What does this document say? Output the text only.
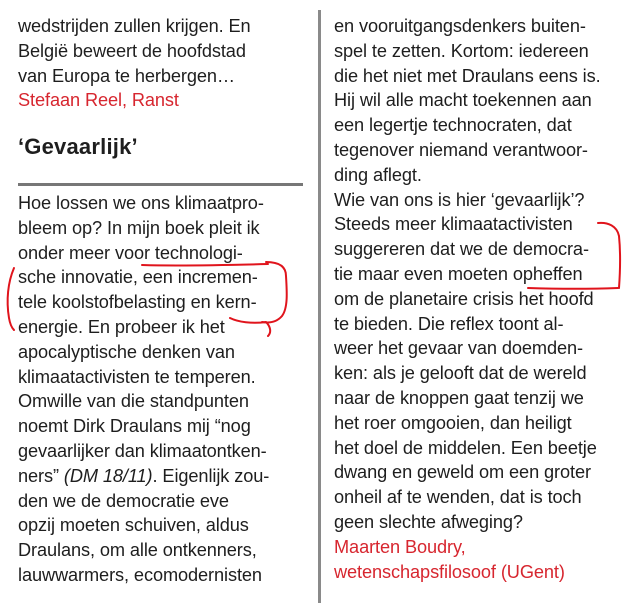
wedstrijden zullen krijgen. En
België beweert de hoofdstad
van Europa te herbergen…
Stefaan Reel, Ranst
‘Gevaarlijk’
Hoe lossen we ons klimaatpro-
bleem op? In mijn boek pleit ik
onder meer voor technologi-
sche innovatie, een incremen-
tele koolstofbelasting en kern-
energie. En probeer ik het
apocalyptische denken van
klimaatactivisten te temperen.
Omwille van die standpunten
noemt Dirk Draulans mij “nog
gevaarlijker dan klimaatontken-
ners” (DM 18/11). Eigenlijk zou-
den we de democratie eve
opzij moeten schuiven, aldus
Draulans, om alle ontkenners,
lauwwarmers, ecomodernisten
en vooruitgangsdenkers buiten-
spel te zetten. Kortom: iedereen
die het niet met Draulans eens is.
Hij wil alle macht toekennen aan
een legertje technocraten, dat
tegenover niemand verantwoor-
ding aflegt.
Wie van ons is hier ‘gevaarlijk’?
Steeds meer klimaatactivisten
suggereren dat we de democra-
tie maar even moeten opheffen
om de planetaire crisis het hoofd
te bieden. Die reflex toont al-
weer het gevaar van doemden-
ken: als je gelooft dat de wereld
naar de knoppen gaat tenzij we
het roer omgooien, dan heiligt
het doel de middelen. Een beetje
dwang en geweld om een groter
onheil af te wenden, dat is toch
geen slechte afweging?
Maarten Boudry,
wetenschapsfilosoof (UGent)
